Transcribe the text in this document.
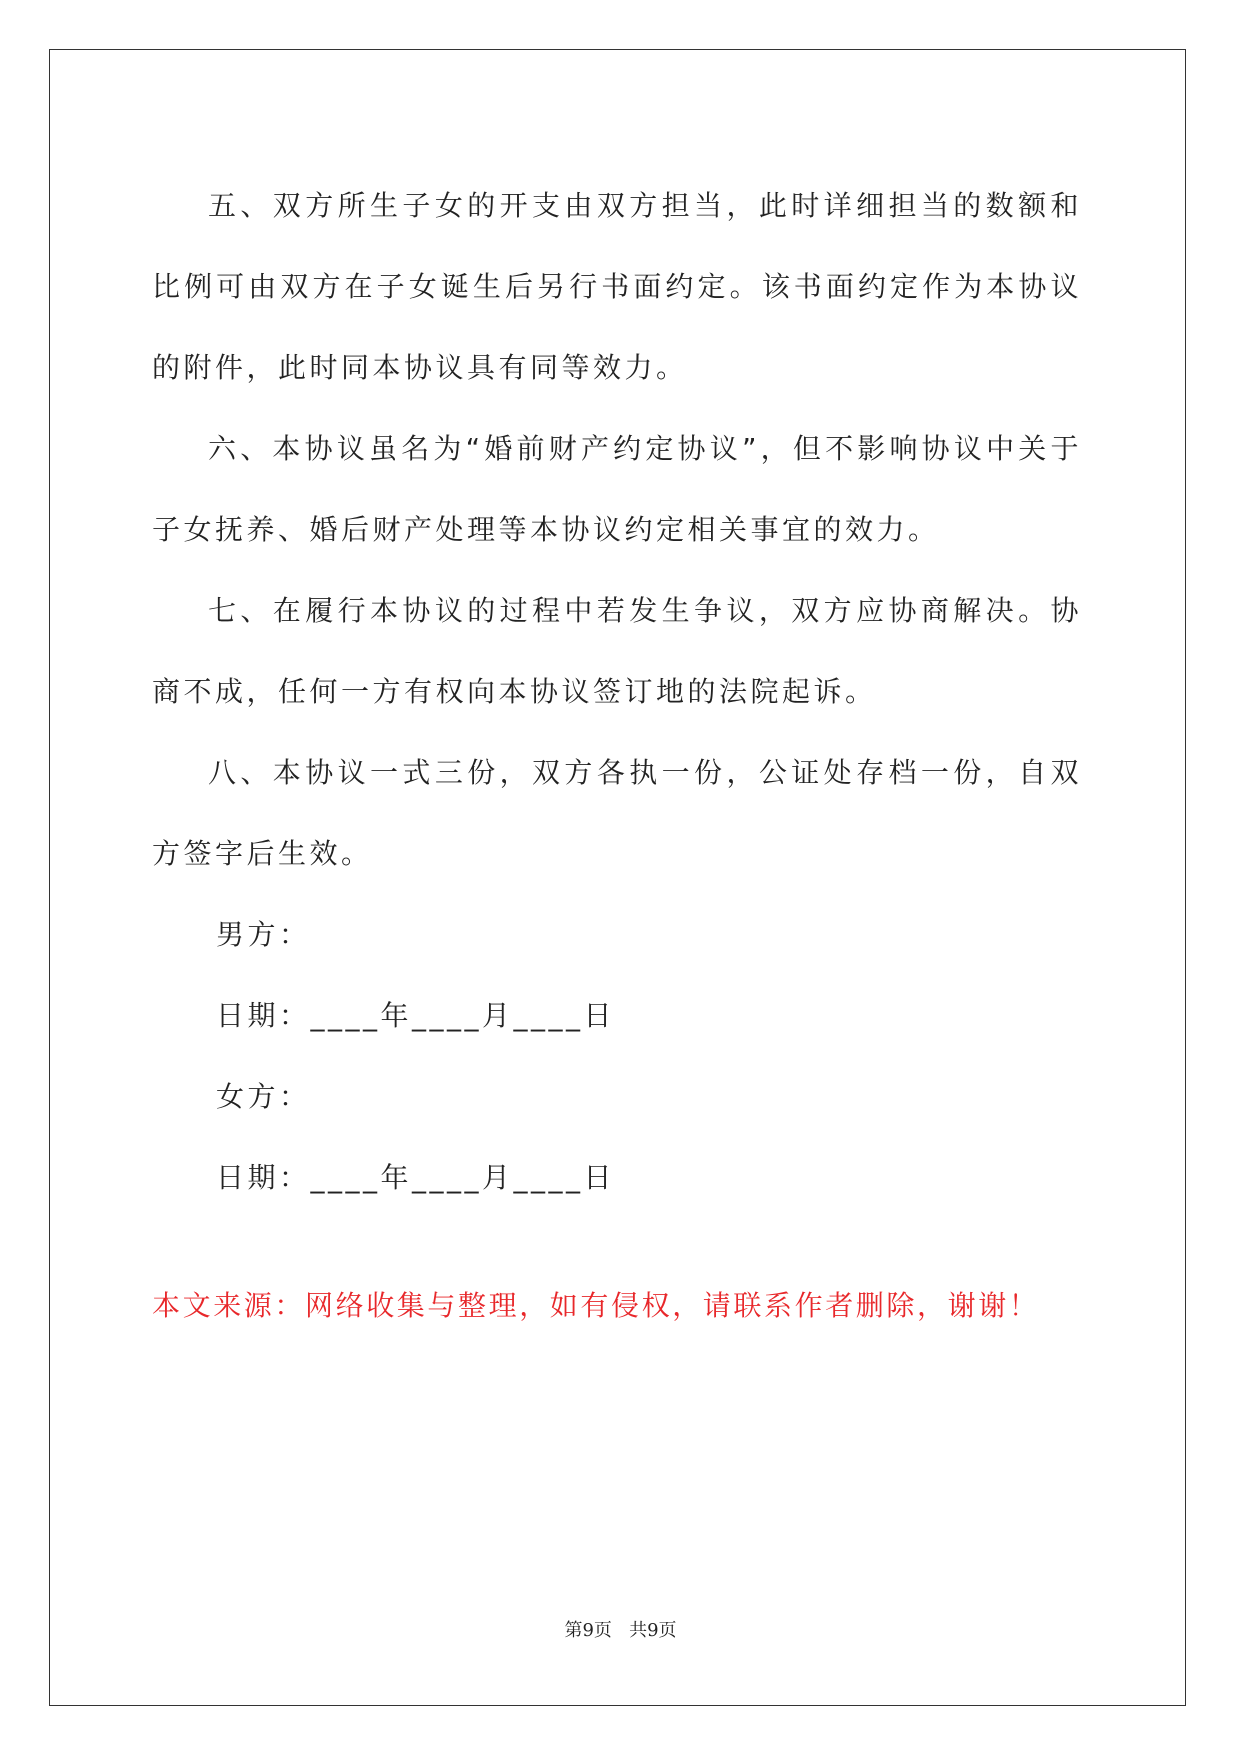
五、双方所生子女的开支由双方担当，此时详细担当的数额和比例可由双方在子女诞生后另行书面约定。该书面约定作为本协议的附件，此时同本协议具有同等效力。

六、本协议虽名为“婚前财产约定协议”，但不影响协议中关于子女抚养、婚后财产处理等本协议约定相关事宜的效力。

七、在履行本协议的过程中若发生争议，双方应协商解决。协商不成，任何一方有权向本协议签订地的法院起诉。

八、本协议一式三份，双方各执一份，公证处存档一份，自双方签字后生效。

男方：

日期：____年____月____日

女方：

日期：____年____月____日

本文来源：网络收集与整理，如有侵权，请联系作者删除，谢谢！

第9页   共9页
